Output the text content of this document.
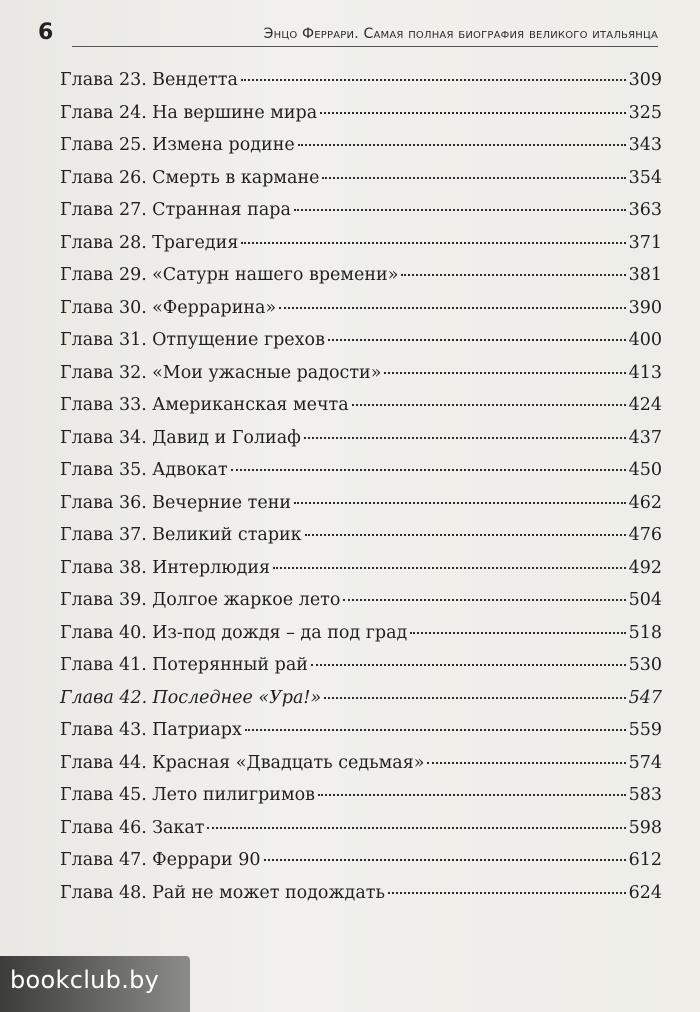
6	Энцо Феррари. Самая полная биография великого итальянца
Глава 23. Вендетта	309
Глава 24. На вершине мира	325
Глава 25. Измена родине	343
Глава 26. Смерть в кармане	354
Глава 27. Странная пара	363
Глава 28. Трагедия	371
Глава 29. «Сатурн нашего времени»	381
Глава 30. «Феррарина»	390
Глава 31. Отпущение грехов	400
Глава 32. «Мои ужасные радости»	413
Глава 33. Американская мечта	424
Глава 34. Давид и Голиаф	437
Глава 35. Адвокат	450
Глава 36. Вечерние тени	462
Глава 37. Великий старик	476
Глава 38. Интерлюдия	492
Глава 39. Долгое жаркое лето	504
Глава 40. Из-под дождя – да под град	518
Глава 41. Потерянный рай	530
Глава 42. Последнее «Ура!»	547
Глава 43. Патриарх	559
Глава 44. Красная «Двадцать седьмая»	574
Глава 45. Лето пилигримов	583
Глава 46. Закат	598
Глава 47. Феррари 90	612
Глава 48. Рай не может подождать	624
bookclub.by
